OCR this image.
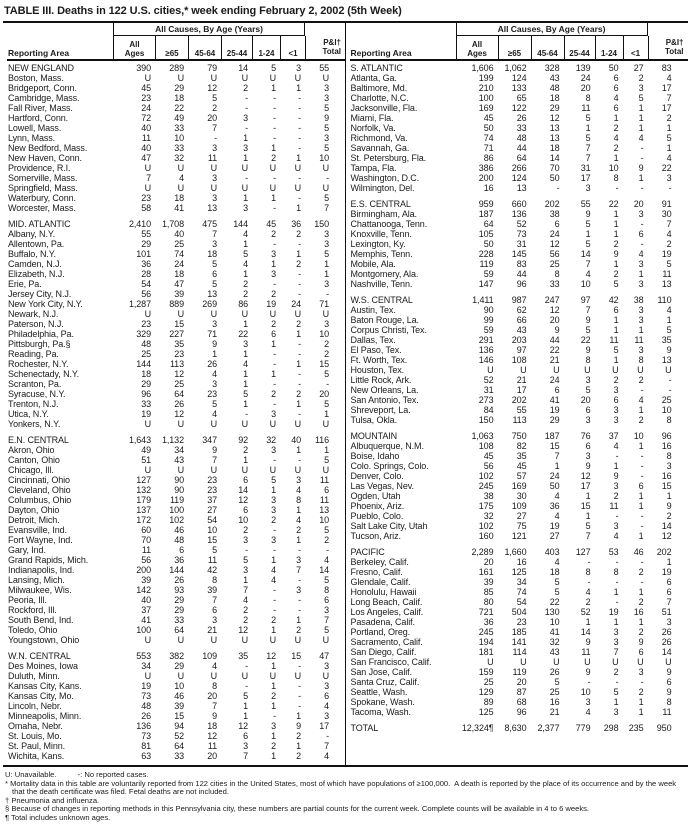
TABLE III. Deaths in 122 U.S. cities,* week ending February 2, 2002 (5th Week)
All Causes, By Age (Years)
Reporting Area
All Ages	≥65 45-64 25-44 1-24 <1
P&I†
Total
NEW ENGLAND	390	289	79	14	5	3	55
Boston, Mass.	U	U	U	U	U	U	U
Bridgeport, Conn.	45	29	12	2	1	1	3
Cambridge, Mass.	23	18	5	-	-	-	3
Fall River, Mass.	24	22	2	-	-	-	5
Hartford, Conn.	72	49	20	3	-	-	9
Lowell, Mass.	40	33	7	-	-	-	5
Lynn, Mass.	11	10	-	1	-	-	3
New Bedford, Mass.	40	33	3	3	1	-	5
New Haven, Conn.	47	32	11	1	2	1	10
Providence, R.I.	U	U	U	U	U	U	U
Somerville, Mass.	7	4	3	-	-	-	-
Springfield, Mass.	U	U	U	U	U	U	U
Waterbury, Conn.	23	18	3	1	1	-	5
Worcester, Mass.	58	41	13	3	-	1	7
MID. ATLANTIC	2,410	1,708	475	144	45	36	150
Albany, N.Y.	55	40	7	4	2	2	3
Allentown, Pa.	29	25	3	1	-	-	3
Buffalo, N.Y.	101	74	18	5	3	1	5
Camden, N.J.	36	24	5	4	1	2	1
Elizabeth, N.J.	28	18	6	1	3	-	1
Erie, Pa.	54	47	5	2	-	-	3
Jersey City, N.J.	56	39	13	2	2	-	-
New York City, N.Y.	1,287	889	269	86	19	24	71
Newark, N.J.	U	U	U	U	U	U	U
Paterson, N.J.	23	15	3	1	2	2	3
Philadelphia, Pa.	329	227	71	22	6	1	10
Pittsburgh, Pa.§	48	35	9	3	1	-	2
Reading, Pa.	25	23	1	1	-	-	2
Rochester, N.Y.	144	113	26	4	-	1	15
Schenectady, N.Y.	18	12	4	1	1	-	5
Scranton, Pa.	29	25	3	1	-	-	-
Syracuse, N.Y.	96	64	23	5	2	2	20
Trenton, N.J.	33	26	5	1	-	1	5
Utica, N.Y.	19	12	4	-	3	-	1
Yonkers, N.Y.	U	U	U	U	U	U	U
E.N. CENTRAL	1,643	1,132	347	92	32	40	116
Akron, Ohio	49	34	9	2	3	1	1
Canton, Ohio	51	43	7	1	-	-	5
Chicago, Ill.	U	U	U	U	U	U	U
Cincinnati, Ohio	127	90	23	6	5	3	11
Cleveland, Ohio	132	90	23	14	1	4	6
Columbus, Ohio	179	119	37	12	3	8	11
Dayton, Ohio	137	100	27	6	3	1	13
Detroit, Mich.	172	102	54	10	2	4	10
Evansville, Ind.	60	46	10	2	-	2	5
Fort Wayne, Ind.	70	48	15	3	3	1	2
Gary, Ind.	11	6	5	-	-	-	-
Grand Rapids, Mich.	56	36	11	5	1	3	4
Indianapolis, Ind.	200	144	42	3	4	7	14
Lansing, Mich.	39	26	8	1	4	-	5
Milwaukee, Wis.	142	93	39	7	-	3	8
Peoria, Ill.	40	29	7	4	-	-	6
Rockford, Ill.	37	29	6	2	-	-	3
South Bend, Ind.	41	33	3	2	2	1	7
Toledo, Ohio	100	64	21	12	1	2	5
Youngstown, Ohio	U	U	U	U	U	U	U
W.N. CENTRAL	553	382	109	35	12	15	47
Des Moines, Iowa	34	29	4	-	1	-	3
Duluth, Minn.	U	U	U	U	U	U	U
Kansas City, Kans.	19	10	8	-	1	-	3
Kansas City, Mo.	73	46	20	5	2	-	6
Lincoln, Nebr.	48	39	7	1	1	-	4
Minneapolis, Minn.	26	15	9	1	-	1	3
Omaha, Nebr.	136	94	18	12	3	9	17
St. Louis, Mo.	73	52	12	6	1	2	-
St. Paul, Minn.	81	64	11	3	2	1	7
Wichita, Kans.	63	33	20	7	1	2	4
All Causes, By Age (Years)
Reporting Area
All Ages	≥65 45-64 25-44 1-24 <1
P&I†
Total
S. ATLANTIC	1,606	1,062	328	139	50	27	83
Atlanta, Ga.	199	124	43	24	6	2	4
Baltimore, Md.	210	133	48	20	6	3	17
Charlotte, N.C.	100	65	18	8	4	5	7
Jacksonville, Fla.	169	122	29	11	6	1	17
Miami, Fla.	45	26	12	5	1	1	2
Norfolk, Va.	50	33	13	1	2	1	1
Richmond, Va.	74	48	13	5	4	4	5
Savannah, Ga.	71	44	18	7	2	-	1
St. Petersburg, Fla.	86	64	14	7	1	-	4
Tampa, Fla.	386	266	70	31	10	9	22
Washington, D.C.	200	124	50	17	8	1	3
Wilmington, Del.	16	13	-	3	-	-	-
E.S. CENTRAL	959	660	202	55	22	20	91
Birmingham, Ala.	187	136	38	9	1	3	30
Chattanooga, Tenn.	64	52	6	5	1	-	7
Knoxville, Tenn.	105	73	24	1	1	6	4
Lexington, Ky.	50	31	12	5	2	-	2
Memphis, Tenn.	228	145	56	14	9	4	19
Mobile, Ala.	119	83	25	7	1	3	5
Montgomery, Ala.	59	44	8	4	2	1	11
Nashville, Tenn.	147	96	33	10	5	3	13
W.S. CENTRAL	1,411	987	247	97	42	38	110
Austin, Tex.	90	62	12	7	6	3	4
Baton Rouge, La.	99	66	20	9	1	3	1
Corpus Christi, Tex.	59	43	9	5	1	1	5
Dallas, Tex.	291	203	44	22	11	11	35
El Paso, Tex.	136	97	22	9	5	3	9
Ft. Worth, Tex.	146	108	21	8	1	8	13
Houston, Tex.	U	U	U	U	U	U	U
Little Rock, Ark.	52	21	24	3	2	2	-
New Orleans, La.	31	17	6	5	3	-	-
San Antonio, Tex.	273	202	41	20	6	4	25
Shreveport, La.	84	55	19	6	3	1	10
Tulsa, Okla.	150	113	29	3	3	2	8
MOUNTAIN	1,063	750	187	76	37	10	96
Albuquerque, N.M.	108	82	15	6	4	1	16
Boise, Idaho	45	35	7	3	-	-	8
Colo. Springs, Colo.	56	45	1	9	1	-	3
Denver, Colo.	102	57	24	12	9	-	16
Las Vegas, Nev.	245	169	50	17	3	6	15
Ogden, Utah	38	30	4	1	2	1	1
Phoenix, Ariz.	175	109	36	15	11	1	9
Pueblo, Colo.	32	27	4	1	-	-	2
Salt Lake City, Utah	102	75	19	5	3	-	14
Tucson, Ariz.	160	121	27	7	4	1	12
PACIFIC	2,289	1,660	403	127	53	46	202
Berkeley, Calif.	20	16	4	-	-	-	1
Fresno, Calif.	161	125	18	8	8	2	19
Glendale, Calif.	39	34	5	-	-	-	6
Honolulu, Hawaii	85	74	5	4	1	1	6
Long Beach, Calif.	80	54	22	2	-	2	7
Los Angeles, Calif.	721	504	130	52	19	16	51
Pasadena, Calif.	36	23	10	1	1	1	3
Portland, Oreg.	245	185	41	14	3	2	26
Sacramento, Calif.	194	141	32	9	3	9	26
San Diego, Calif.	181	114	43	11	7	6	14
San Francisco, Calif.	U	U	U	U	U	U	U
San Jose, Calif.	159	119	26	9	2	3	9
Santa Cruz, Calif.	25	20	5	-	-	-	6
Seattle, Wash.	129	87	25	10	5	2	9
Spokane, Wash.	89	68	16	3	1	1	8
Tacoma, Wash.	125	96	21	4	3	1	11
TOTAL	12,324¶	8,630	2,377	779	298	235	950
U: Unavailable.          -: No reported cases.
* Mortality data in this table are voluntarily reported from 122 cities in the United States, most of which have populations of ≥100,000.  A death is reported by the place of its occurrence and by the week that the death certificate was filed. Fetal deaths are not included.
† Pneumonia and influenza.
§ Because of changes in reporting methods in this Pennsylvania city, these numbers are partial counts for the current week. Complete counts will be available in 4 to 6 weeks.
¶ Total includes unknown ages.
